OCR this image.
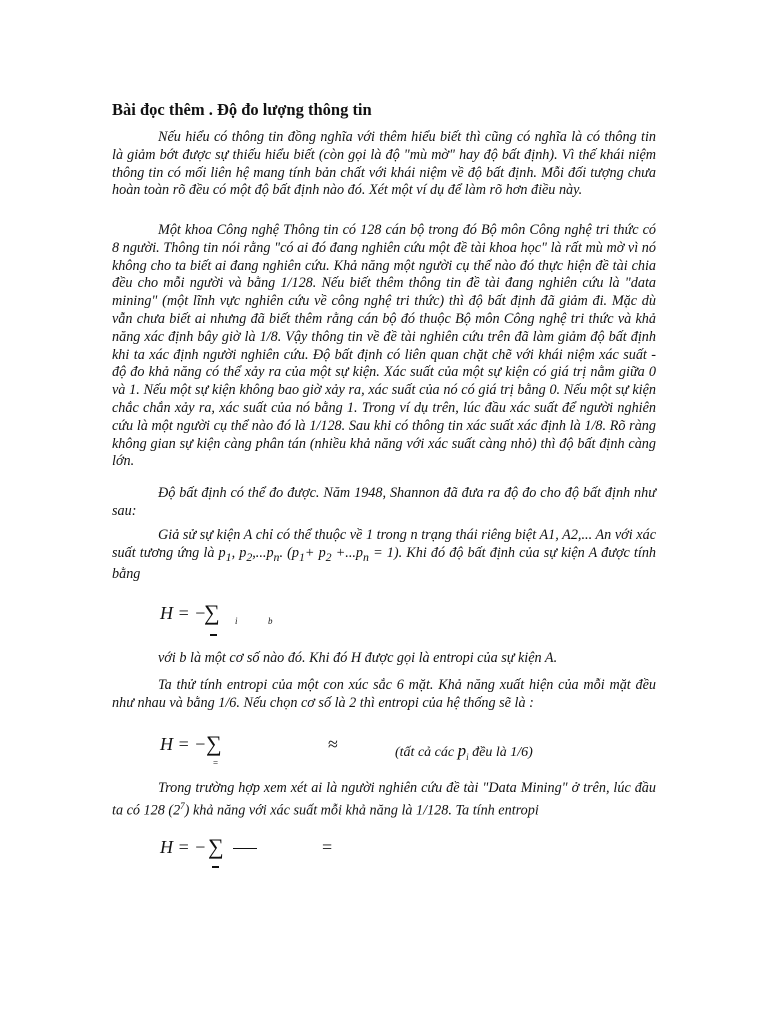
Bài đọc thêm . Độ đo lượng thông tin

Nếu hiểu có thông tin đồng nghĩa với thêm hiểu biết thì cũng có nghĩa là có thông tin là giảm bớt được sự thiếu hiểu biết (còn gọi là độ "mù mờ" hay độ bất định). Vì thế khái niệm thông tin có mối liên hệ mang tính bản chất với khái niệm về độ bất định. Mỗi đối tượng chưa hoàn toàn rõ đều có một độ bất định nào đó. Xét một ví dụ để làm rõ hơn điều này.

Một khoa Công nghệ Thông tin có 128 cán bộ trong đó Bộ môn Công nghệ tri thức có 8 người. Thông tin nói rằng "có ai đó đang nghiên cứu một đề tài khoa học" là rất mù mờ vì nó không cho ta biết ai đang nghiên cứu. Khả năng một người cụ thể nào đó thực hiện đề tài chia đều cho mỗi người và bằng 1/128. Nếu biết thêm thông tin đề tài đang nghiên cứu là "data mining" (một lĩnh vực nghiên cứu về công nghệ tri thức) thì độ bất định đã giảm đi. Mặc dù vẫn chưa biết ai nhưng đã biết thêm rằng cán bộ đó thuộc Bộ môn Công nghệ tri thức và khả năng xác định bây giờ là 1/8. Vậy thông tin về đề tài nghiên cứu trên đã làm giảm độ bất định khi ta xác định người nghiên cứu. Độ bất định có liên quan chặt chẽ với khái niệm xác suất - độ đo khả năng có thể xảy ra của một sự kiện. Xác suất của một sự kiện có giá trị nằm giữa 0 và 1. Nếu một sự kiện không bao giờ xảy ra, xác suất của nó có giá trị bằng 0. Nếu một sự kiện chắc chắn xảy ra, xác suất của nó bằng 1. Trong ví dụ trên, lúc đầu xác suất để người nghiên cứu là một người cụ thể nào đó là 1/128. Sau khi có thông tin xác suất xác định là 1/8. Rõ ràng không gian sự kiện càng phân tán (nhiều khả năng với xác suất càng nhỏ) thì độ bất định càng lớn.

Độ bất định có thể đo được. Năm 1948, Shannon đã đưa ra độ đo cho độ bất định như sau:

Giả sử sự kiện A chỉ có thể thuộc về 1 trong n trạng thái riêng biệt A1, A2,... An với xác suất tương ứng là $p_1$, $p_2,...p_n$. $(p_1+ p_2 +...p_n = 1)$. Khi đó độ bất định của sự kiện A được tính bằng

H = −
∑ i	b

với b là một cơ số nào đó. Khi đó H được gọi là entropi của sự kiện A.

Ta thử tính entropi của một con xúc sắc 6 mặt. Khả năng xuất hiện của mỗi mặt đều như nhau và bằng 1/6. Nếu chọn cơ số là 2 thì entropi của hệ thống sẽ là :

H = − ∑
=
≈	(tất cả các $p_i$ đều là 1/6)

Trong trường hợp xem xét ai là người nghiên cứu đề tài "Data Mining" ở trên, lúc đầu ta có 128 $(2^7)$ khả năng với xác suất mỗi khả năng là 1/128. Ta tính entropi

H = − ∑	=
